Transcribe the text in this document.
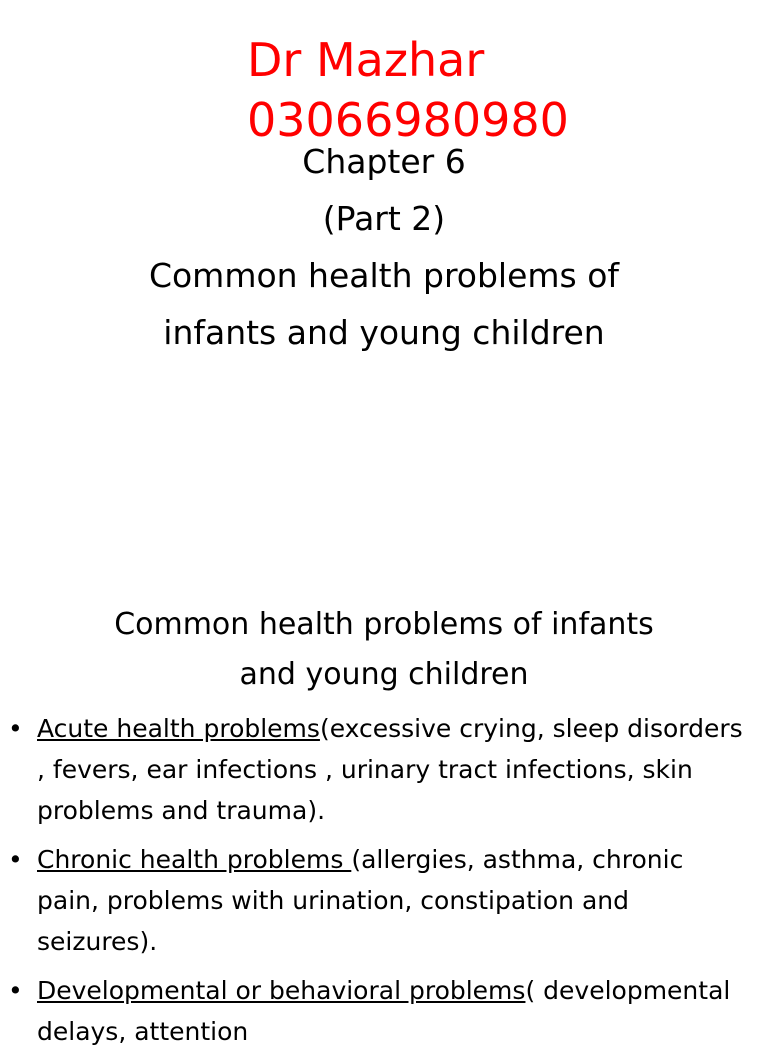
Dr Mazhar
03066980980
Chapter 6
(Part 2)
Common health problems of
infants and young children
Common health problems of infants
and young children
• Acute health problems(excessive crying, sleep disorders , fevers, ear infections , urinary tract infections, skin problems and trauma).
• Chronic health problems (allergies, asthma, chronic pain, problems with urination, constipation and seizures).
• Developmental or behavioral problems( developmental delays, attention
